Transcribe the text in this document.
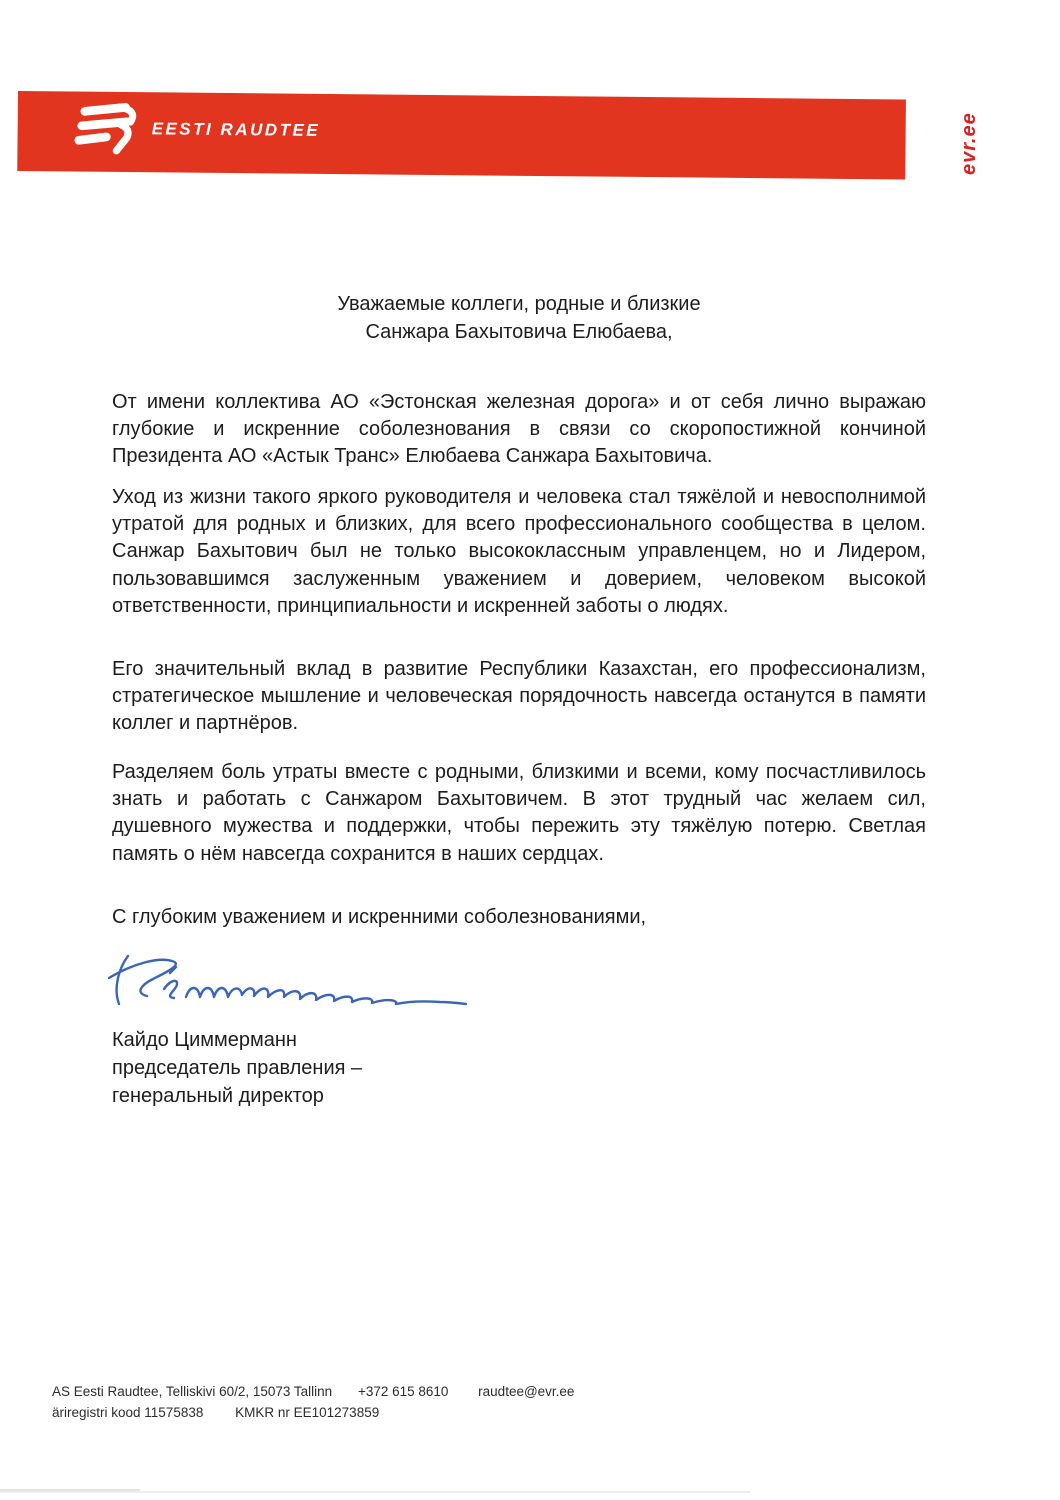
EESTI RAUDTEE	evr.ee
Уважаемые коллеги, родные и близкие
Санжара Бахытовича Елюбаева,

От имени коллектива АО «Эстонская железная дорога» и от себя лично выражаю глубокие и искренние соболезнования в связи со скоропостижной кончиной Президента АО «Астык Транс» Елюбаева Санжара Бахытовича.

Уход из жизни такого яркого руководителя и человека стал тяжёлой и невосполнимой утратой для родных и близких, для всего профессионального сообщества в целом. Санжар Бахытович был не только высококлассным управленцем, но и Лидером, пользовавшимся заслуженным уважением и доверием, человеком высокой ответственности, принципиальности и искренней заботы о людях.

Его значительный вклад в развитие Республики Казахстан, его профессионализм, стратегическое мышление и человеческая порядочность навсегда останутся в памяти коллег и партнёров.

Разделяем боль утраты вместе с родными, близкими и всеми, кому посчастливилось знать и работать с Санжаром Бахытовичем. В этот трудный час желаем сил, душевного мужества и поддержки, чтобы пережить эту тяжёлую потерю. Светлая память о нём навсегда сохранится в наших сердцах.

С глубоким уважением и искренними соболезнованиями,
Кайдо Циммерманн
председатель правления –
генеральный директор
AS Eesti Raudtee, Telliskivi 60/2, 15073 Tallinn +372 615 8610 raudtee@evr.ee
äriregistri kood 11575838 KMKR nr EE101273859
